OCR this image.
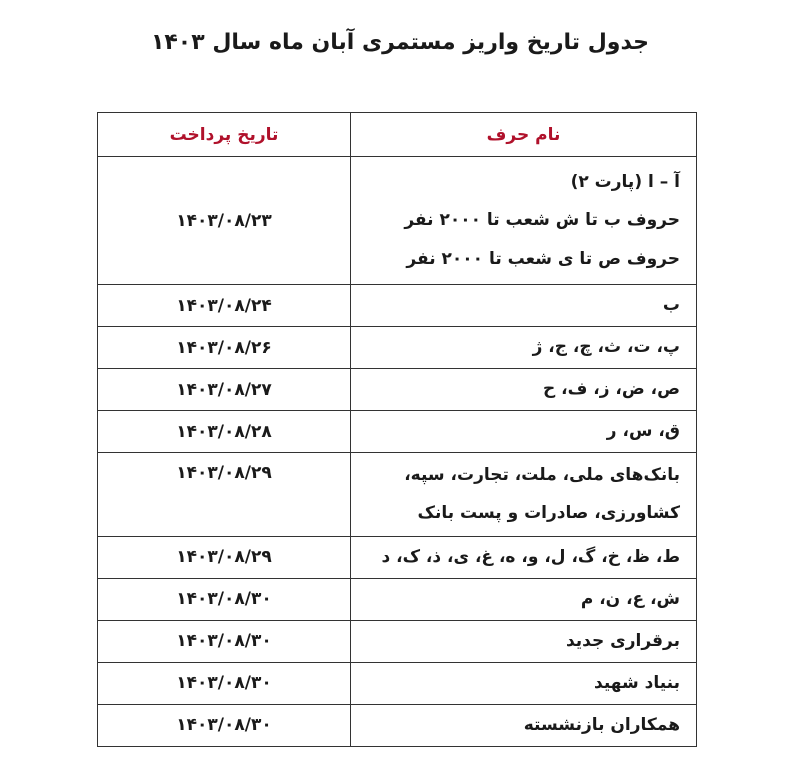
جدول تاریخ واریز مستمری آبان ماه سال ۱۴۰۳
نام حرف	تاریخ پرداخت

آ – ا (پارت ۲)
حروف ب تا ش شعب تا ۲۰۰۰ نفر
حروف ص تا ی شعب تا ۲۰۰۰ نفر	۱۴۰۳/۰۸/۲۳

ب	۱۴۰۳/۰۸/۲۴

پ، ت، ث، چ، ج، ژ	۱۴۰۳/۰۸/۲۶

ص، ض، ز، ف، ح	۱۴۰۳/۰۸/۲۷

ق، س، ر	۱۴۰۳/۰۸/۲۸

بانک‌های ملی، ملت، تجارت، سپه،
کشاورزی، صادرات و پست بانک	۱۴۰۳/۰۸/۲۹

ط، ظ، خ، گ، ل، و، ه، غ، ی، ذ، ک، د	۱۴۰۳/۰۸/۲۹

ش، ع، ن، م	۱۴۰۳/۰۸/۳۰

برقراری جدید	۱۴۰۳/۰۸/۳۰

بنیاد شهید	۱۴۰۳/۰۸/۳۰

همکاران بازنشسته	۱۴۰۳/۰۸/۳۰
